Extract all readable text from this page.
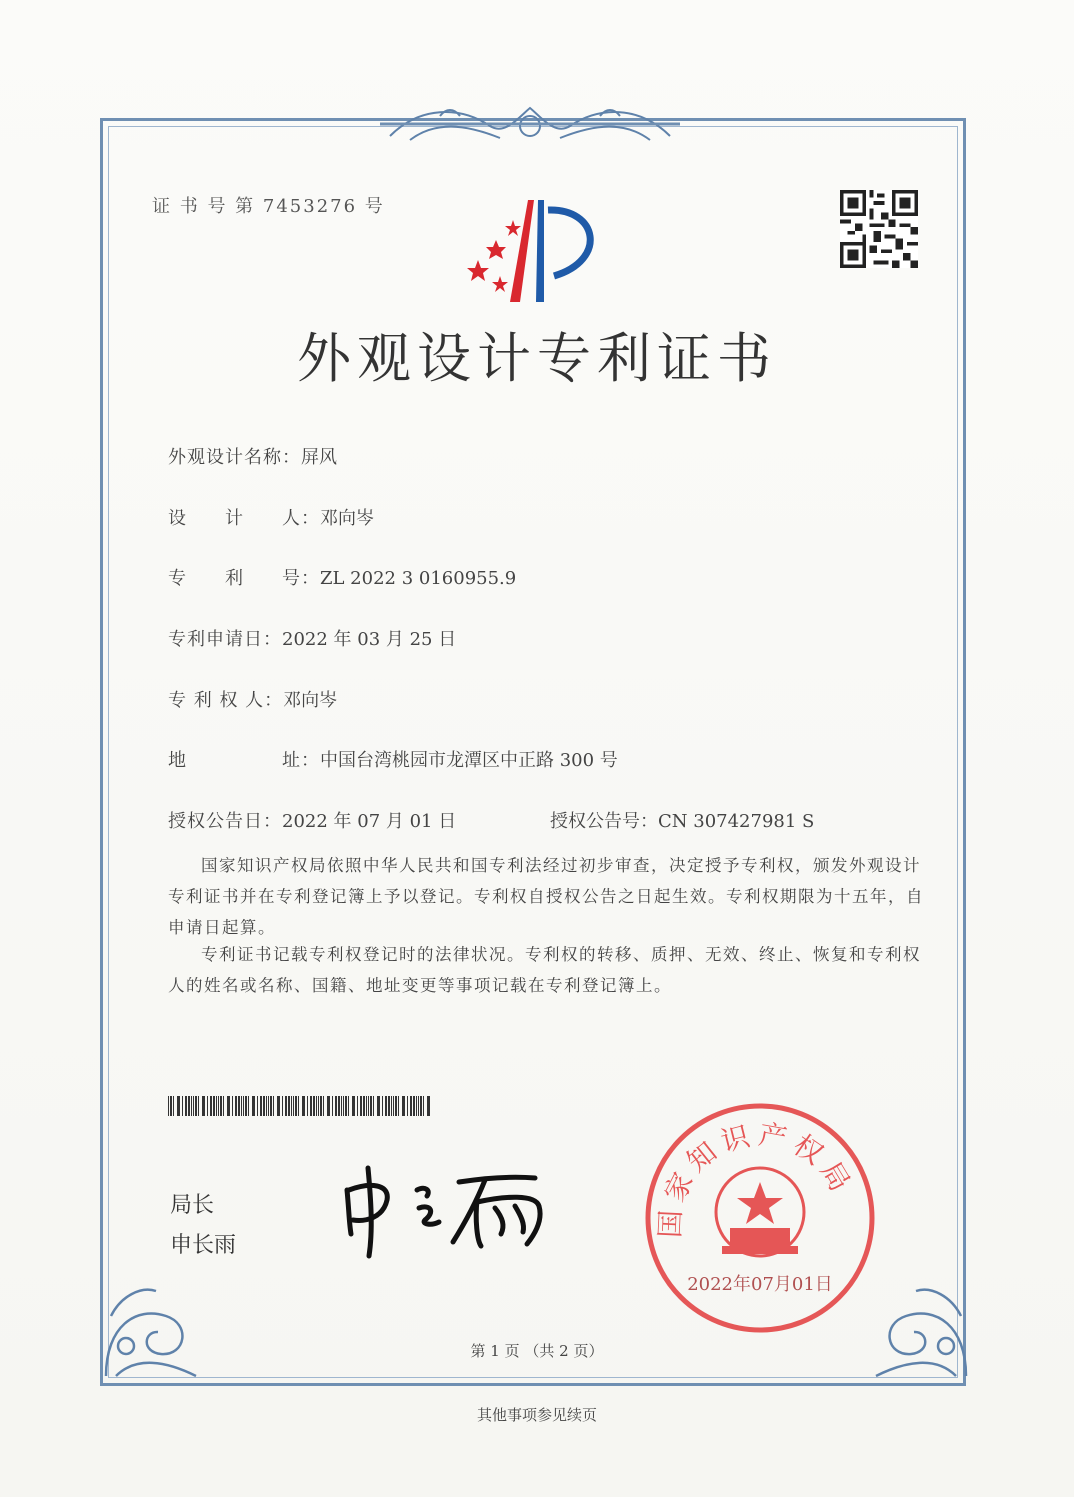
证 书 号 第 7453276 号
外观设计专利证书
外观设计名称：屏风
设　　计　　人：邓向岑
专　　利　　号：ZL 2022 3 0160955.9
专利申请日：2022 年 03 月 25 日
专 利 权 人：邓向岑
地　　　　　址：中国台湾桃园市龙潭区中正路 300 号
授权公告日：2022 年 07 月 01 日	授权公告号：CN 307427981 S
国家知识产权局依照中华人民共和国专利法经过初步审查，决定授予专利权，颁发外观设计专利证书并在专利登记簿上予以登记。专利权自授权公告之日起生效。专利权期限为十五年，自申请日起算。
专利证书记载专利权登记时的法律状况。专利权的转移、质押、无效、终止、恢复和专利权人的姓名或名称、国籍、地址变更等事项记载在专利登记簿上。
局长
申长雨
国家知识产权局
2022年07月01日
第 1 页 （共 2 页）
其他事项参见续页
